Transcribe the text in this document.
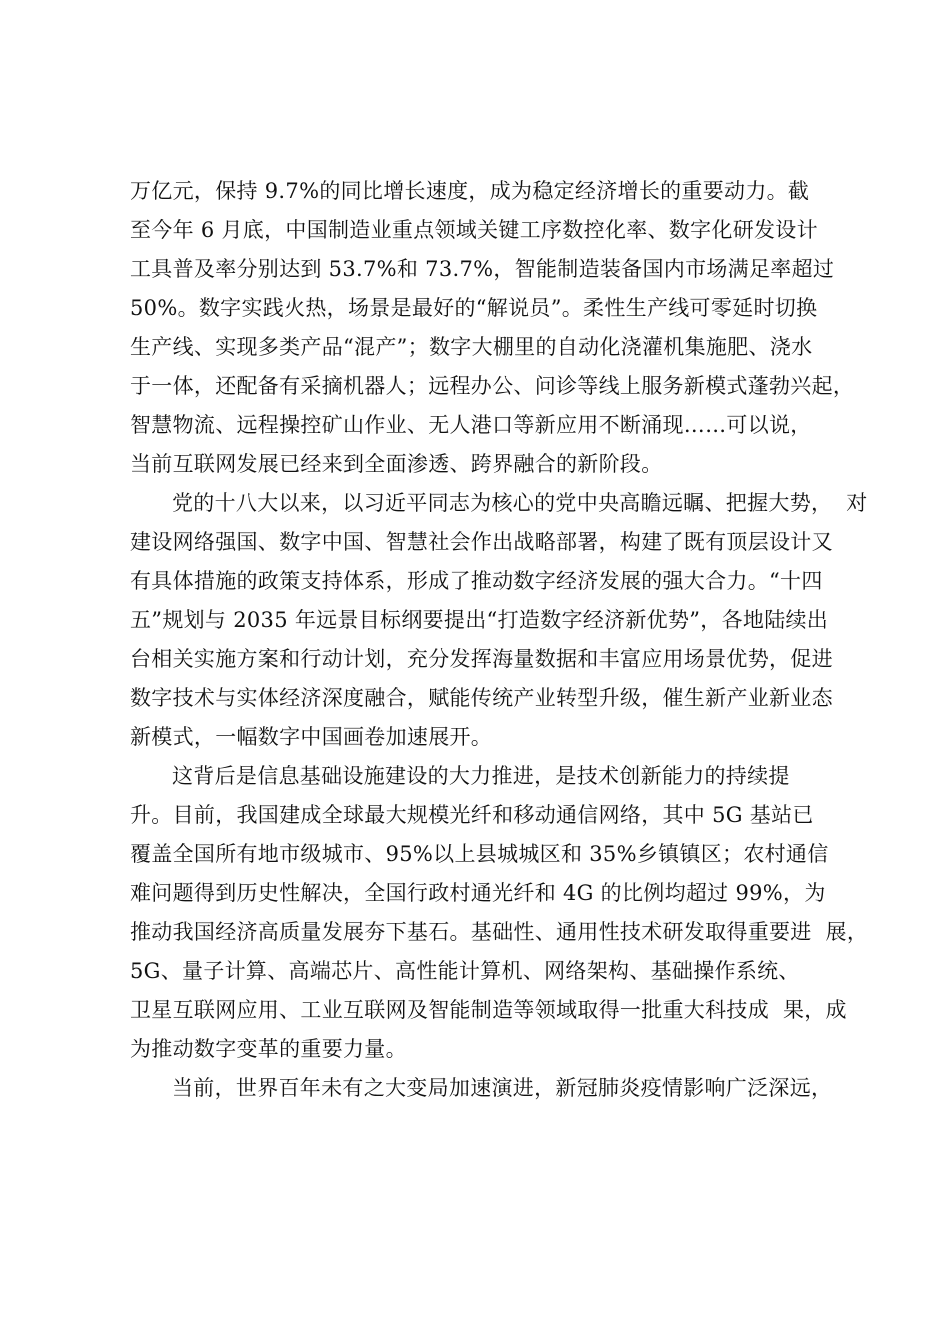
万亿元，保持 9.7%的同比增长速度，成为稳定经济增长的重要动力。截
至今年 6 月底，中国制造业重点领域关键工序数控化率、数字化研发设计
工具普及率分别达到 53.7%和 73.7%，智能制造装备国内市场满足率超过
50%。数字实践火热，场景是最好的“解说员”。柔性生产线可零延时切换
生产线、实现多类产品“混产”；数字大棚里的自动化浇灌机集施肥、浇水
于一体，还配备有采摘机器人；远程办公、问诊等线上服务新模式蓬勃兴起，
智慧物流、远程操控矿山作业、无人港口等新应用不断涌现……可以说，
当前互联网发展已经来到全面渗透、跨界融合的新阶段。
党的十八大以来，以习近平同志为核心的党中央高瞻远瞩、把握大势，  对
建设网络强国、数字中国、智慧社会作出战略部署，构建了既有顶层设计又
有具体措施的政策支持体系，形成了推动数字经济发展的强大合力。“十四
五”规划与 2035 年远景目标纲要提出“打造数字经济新优势”，各地陆续出
台相关实施方案和行动计划，充分发挥海量数据和丰富应用场景优势，促进
数字技术与实体经济深度融合，赋能传统产业转型升级，催生新产业新业态
新模式，一幅数字中国画卷加速展开。
这背后是信息基础设施建设的大力推进，是技术创新能力的持续提
升。目前，我国建成全球最大规模光纤和移动通信网络，其中 5G 基站已
覆盖全国所有地市级城市、95%以上县城城区和 35%乡镇镇区；农村通信
难问题得到历史性解决，全国行政村通光纤和 4G 的比例均超过 99%，为
推动我国经济高质量发展夯下基石。基础性、通用性技术研发取得重要进  展，
5G、量子计算、高端芯片、高性能计算机、网络架构、基础操作系统、
卫星互联网应用、工业互联网及智能制造等领域取得一批重大科技成  果，成
为推动数字变革的重要力量。
当前，世界百年未有之大变局加速演进，新冠肺炎疫情影响广泛深远，
